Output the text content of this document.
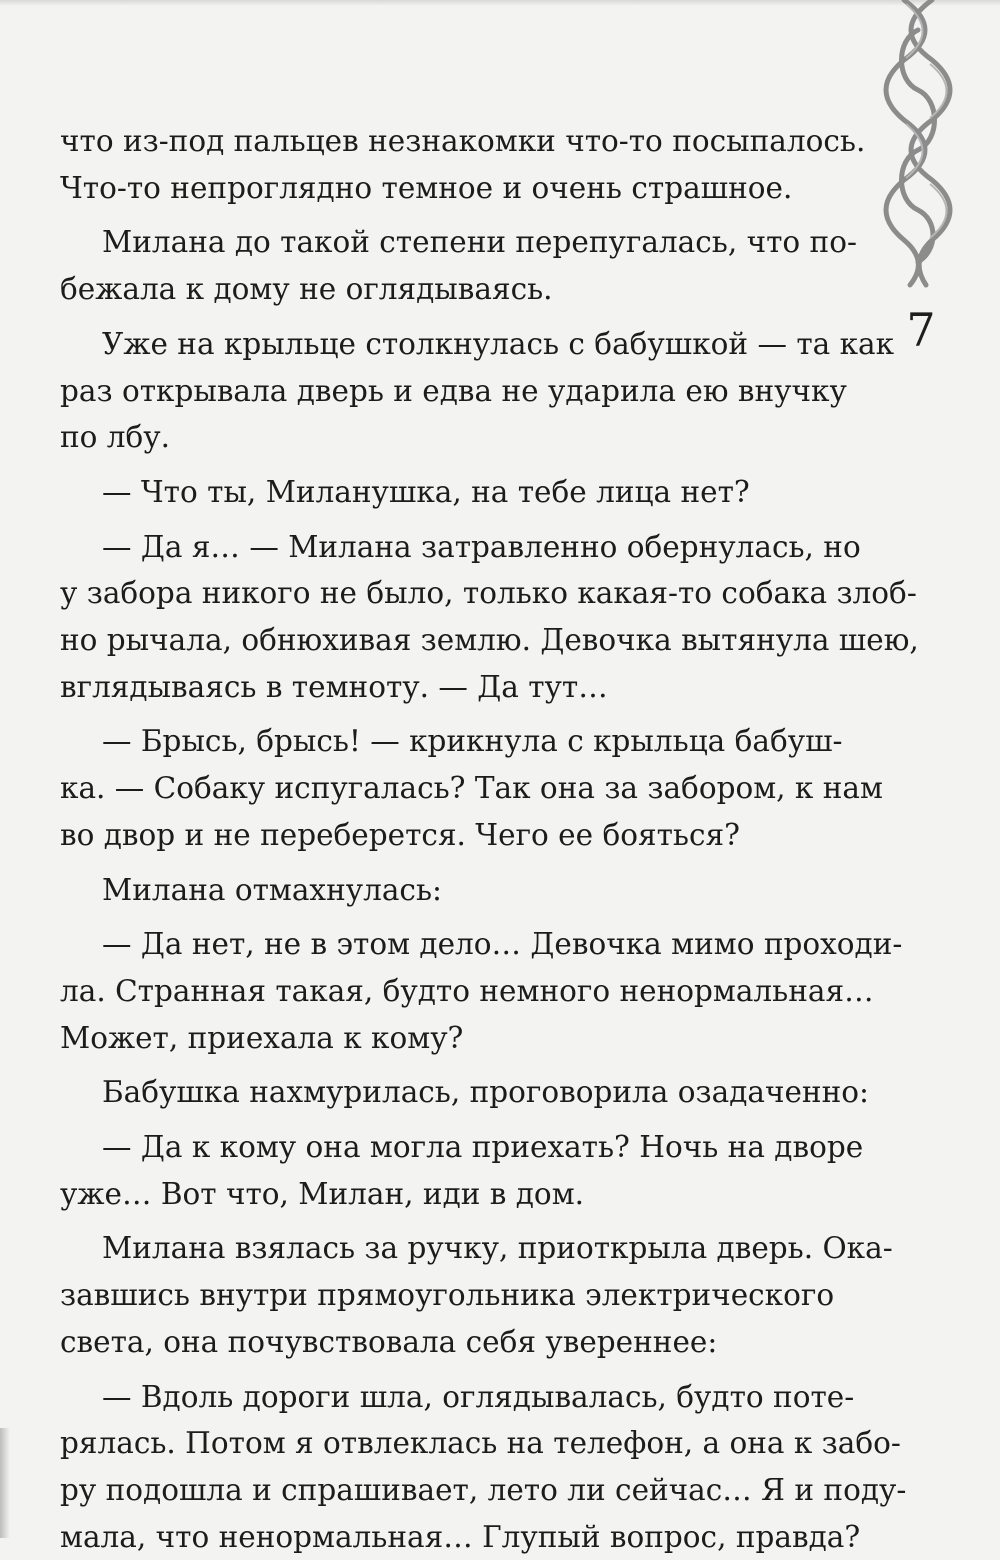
7

что из-под пальцев незнакомки что-то посыпалось.

Что-то непроглядно темное и очень страшное.

Милана до такой степени перепугалась, что по-

бежала к дому не оглядываясь.

Уже на крыльце столкнулась с бабушкой — та как

раз открывала дверь и едва не ударила ею внучку

по лбу.

— Что ты, Миланушка, на тебе лица нет?

— Да я… — Милана затравленно обернулась, но

у забора никого не было, только какая-то собака злоб-

но рычала, обнюхивая землю. Девочка вытянула шею,

вглядываясь в темноту. — Да тут…

— Брысь, брысь! — крикнула с крыльца бабуш-

ка. — Собаку испугалась? Так она за забором, к нам

во двор и не переберется. Чего ее бояться?

Милана отмахнулась:

— Да нет, не в этом дело… Девочка мимо проходи-

ла. Странная такая, будто немного ненормальная…

Может, приехала к кому?

Бабушка нахмурилась, проговорила озадаченно:

— Да к кому она могла приехать? Ночь на дворе

уже… Вот что, Милан, иди в дом.

Милана взялась за ручку, приоткрыла дверь. Ока-

завшись внутри прямоугольника электрического

света, она почувствовала себя увереннее:

— Вдоль дороги шла, оглядывалась, будто поте-

рялась. Потом я отвлеклась на телефон, а она к забо-

ру подошла и спрашивает, лето ли сейчас… Я и поду-

мала, что ненормальная… Глупый вопрос, правда?
